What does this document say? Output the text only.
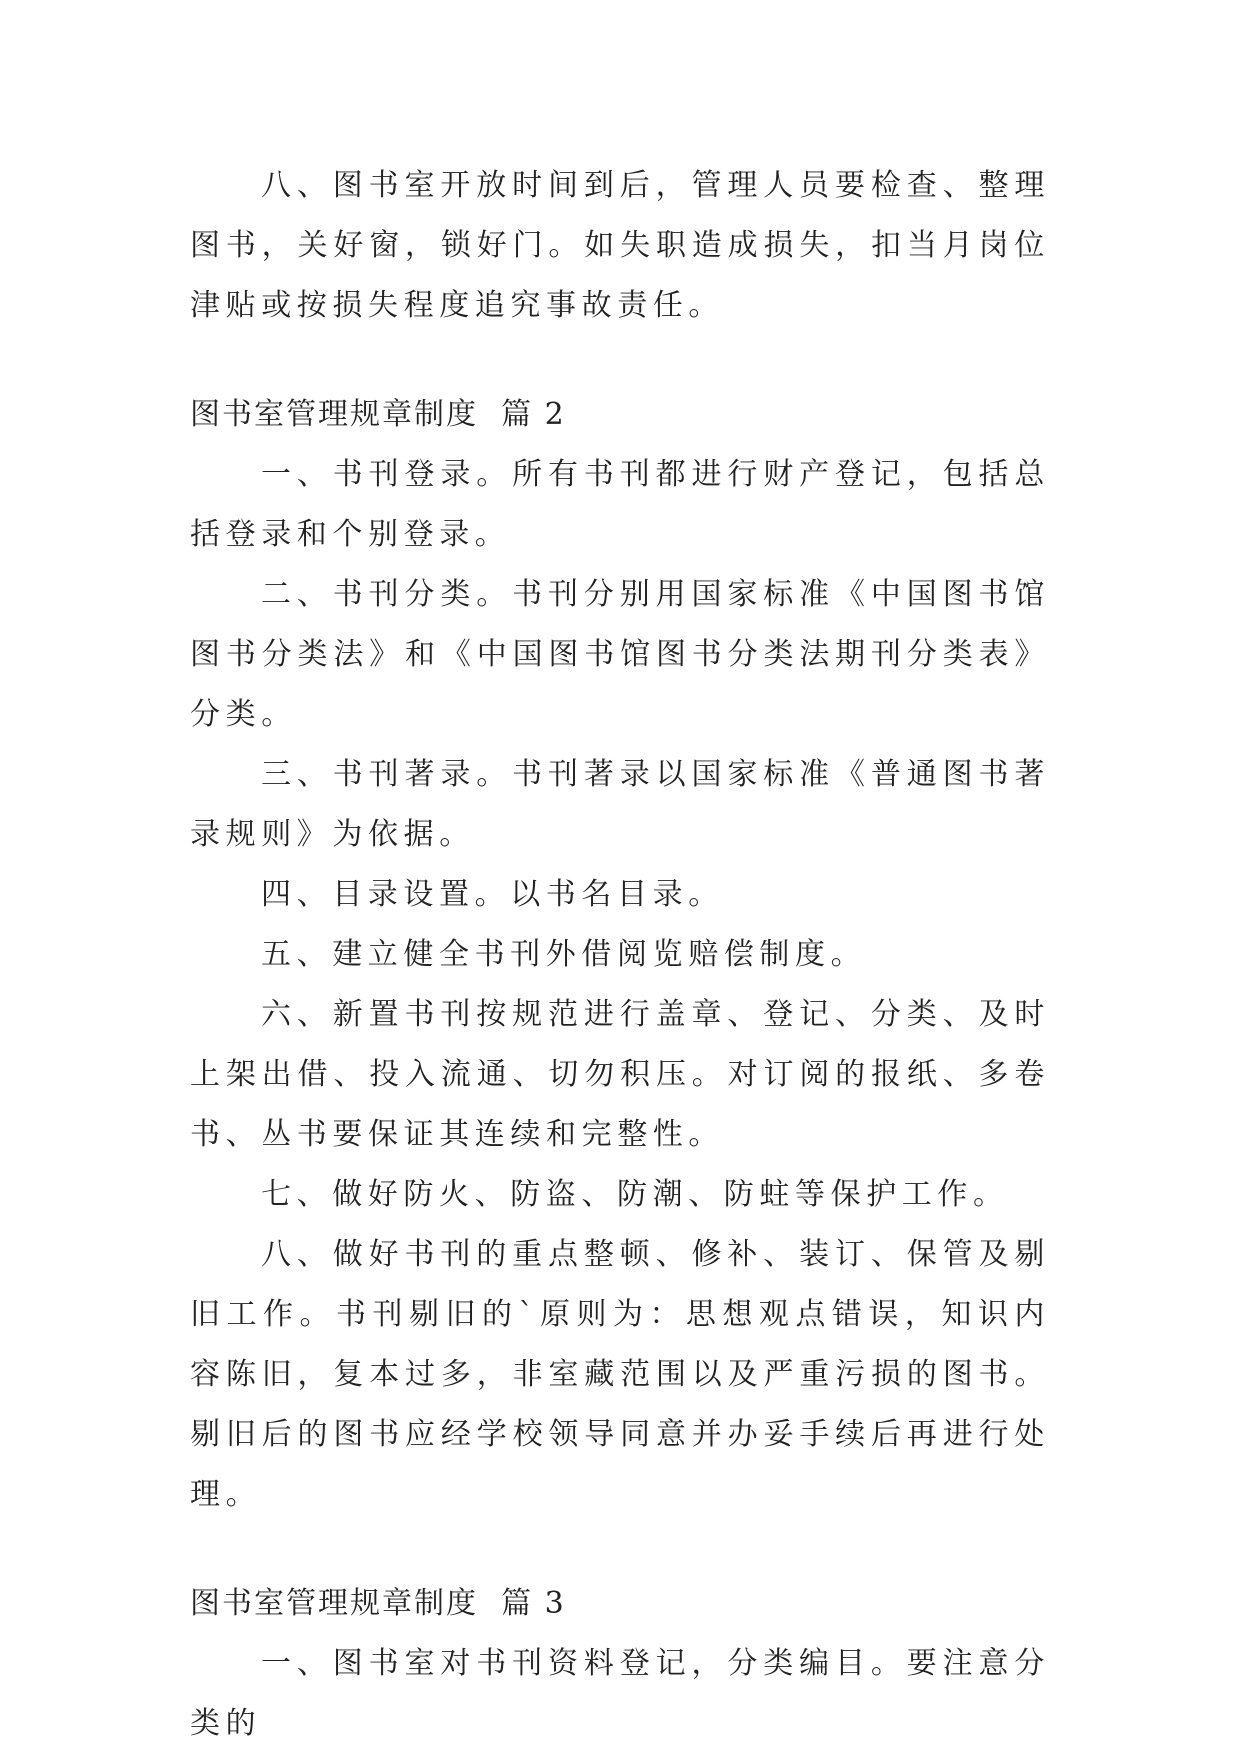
八、图书室开放时间到后，管理人员要检查、整理图书，关好窗，锁好门。如失职造成损失，扣当月岗位津贴或按损失程度追究事故责任。

图书室管理规章制度  篇 2

一、书刊登录。所有书刊都进行财产登记，包括总括登录和个别登录。

二、书刊分类。书刊分别用国家标准《中国图书馆图书分类法》和《中国图书馆图书分类法期刊分类表》分类。

三、书刊著录。书刊著录以国家标准《普通图书著录规则》为依据。

四、目录设置。以书名目录。

五、建立健全书刊外借阅览赔偿制度。

六、新置书刊按规范进行盖章、登记、分类、及时上架出借、投入流通、切勿积压。对订阅的报纸、多卷书、丛书要保证其连续和完整性。

七、做好防火、防盗、防潮、防蛀等保护工作。

八、做好书刊的重点整顿、修补、装订、保管及剔旧工作。书刊剔旧的`原则为：思想观点错误，知识内容陈旧，复本过多，非室藏范围以及严重污损的图书。剔旧后的图书应经学校领导同意并办妥手续后再进行处理。

图书室管理规章制度  篇 3

一、图书室对书刊资料登记，分类编目。要注意分类的
